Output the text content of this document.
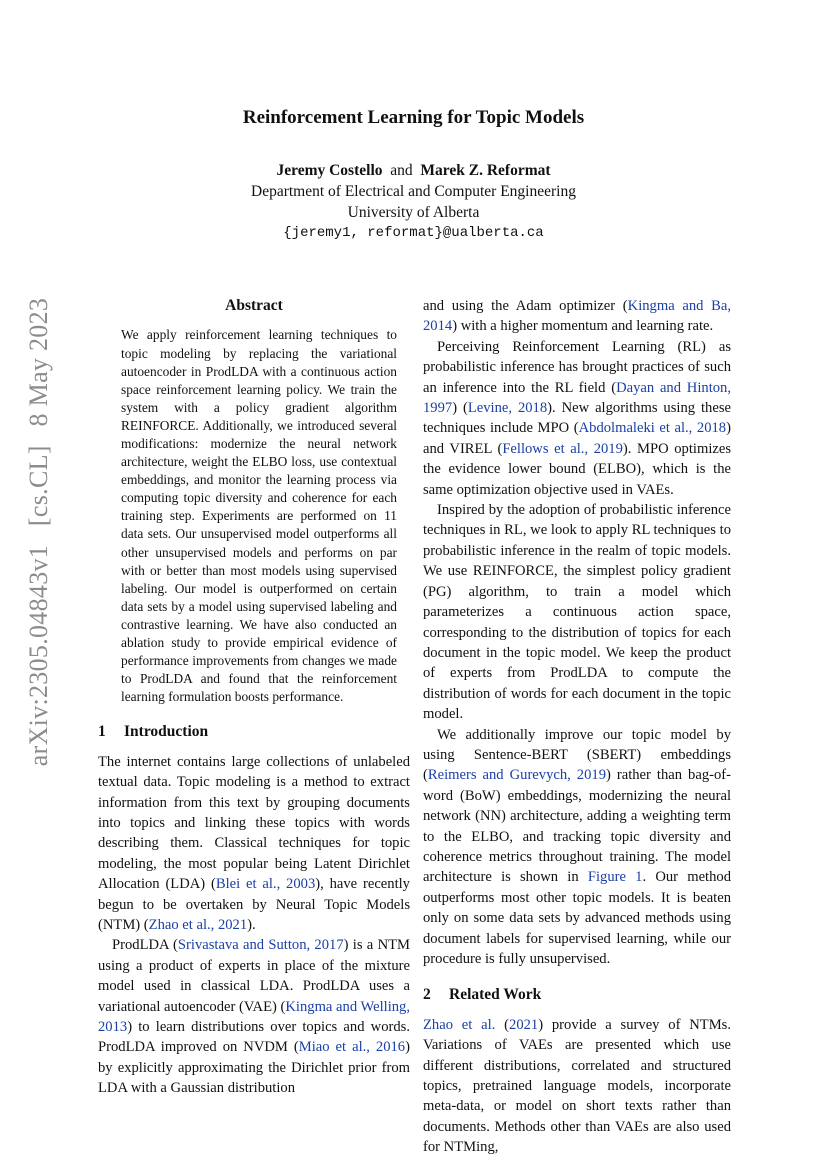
arXiv:2305.04843v1 [cs.CL] 8 May 2023
Reinforcement Learning for Topic Models
Jeremy Costello and Marek Z. Reformat
Department of Electrical and Computer Engineering
University of Alberta
{jeremy1, reformat}@ualberta.ca
Abstract

We apply reinforcement learning techniques to topic modeling by replacing the variational autoencoder in ProdLDA with a continuous action space reinforcement learning policy. We train the system with a policy gradient algorithm REINFORCE. Additionally, we introduced several modifications: modernize the neural network architecture, weight the ELBO loss, use contextual embeddings, and monitor the learning process via computing topic diversity and coherence for each training step. Experiments are performed on 11 data sets. Our unsupervised model outperforms all other unsupervised models and performs on par with or better than most models using supervised labeling. Our model is outperformed on certain data sets by a model using supervised labeling and contrastive learning. We have also conducted an ablation study to provide empirical evidence of performance improvements from changes we made to ProdLDA and found that the reinforcement learning formulation boosts performance.

1 Introduction

The internet contains large collections of unlabeled textual data. Topic modeling is a method to extract information from this text by grouping documents into topics and linking these topics with words describing them. Classical techniques for topic modeling, the most popular being Latent Dirichlet Allocation (LDA) (Blei et al., 2003), have recently begun to be overtaken by Neural Topic Models (NTM) (Zhao et al., 2021).

ProdLDA (Srivastava and Sutton, 2017) is a NTM using a product of experts in place of the mixture model used in classical LDA. ProdLDA uses a variational autoencoder (VAE) (Kingma and Welling, 2013) to learn distributions over topics and words. ProdLDA improved on NVDM (Miao et al., 2016) by explicitly approximating the Dirichlet prior from LDA with a Gaussian distribution

and using the Adam optimizer (Kingma and Ba, 2014) with a higher momentum and learning rate.

Perceiving Reinforcement Learning (RL) as probabilistic inference has brought practices of such an inference into the RL field (Dayan and Hinton, 1997) (Levine, 2018). New algorithms using these techniques include MPO (Abdolmaleki et al., 2018) and VIREL (Fellows et al., 2019). MPO optimizes the evidence lower bound (ELBO), which is the same optimization objective used in VAEs.

Inspired by the adoption of probabilistic inference techniques in RL, we look to apply RL techniques to probabilistic inference in the realm of topic models. We use REINFORCE, the simplest policy gradient (PG) algorithm, to train a model which parameterizes a continuous action space, corresponding to the distribution of topics for each document in the topic model. We keep the product of experts from ProdLDA to compute the distribution of words for each document in the topic model.

We additionally improve our topic model by using Sentence-BERT (SBERT) embeddings (Reimers and Gurevych, 2019) rather than bag-of-word (BoW) embeddings, modernizing the neural network (NN) architecture, adding a weighting term to the ELBO, and tracking topic diversity and coherence metrics throughout training. The model architecture is shown in Figure 1. Our method outperforms most other topic models. It is beaten only on some data sets by advanced methods using document labels for supervised learning, while our procedure is fully unsupervised.

2 Related Work

Zhao et al. (2021) provide a survey of NTMs. Variations of VAEs are presented which use different distributions, correlated and structured topics, pretrained language models, incorporate meta-data, or model on short texts rather than documents. Methods other than VAEs are also used for NTMing,
